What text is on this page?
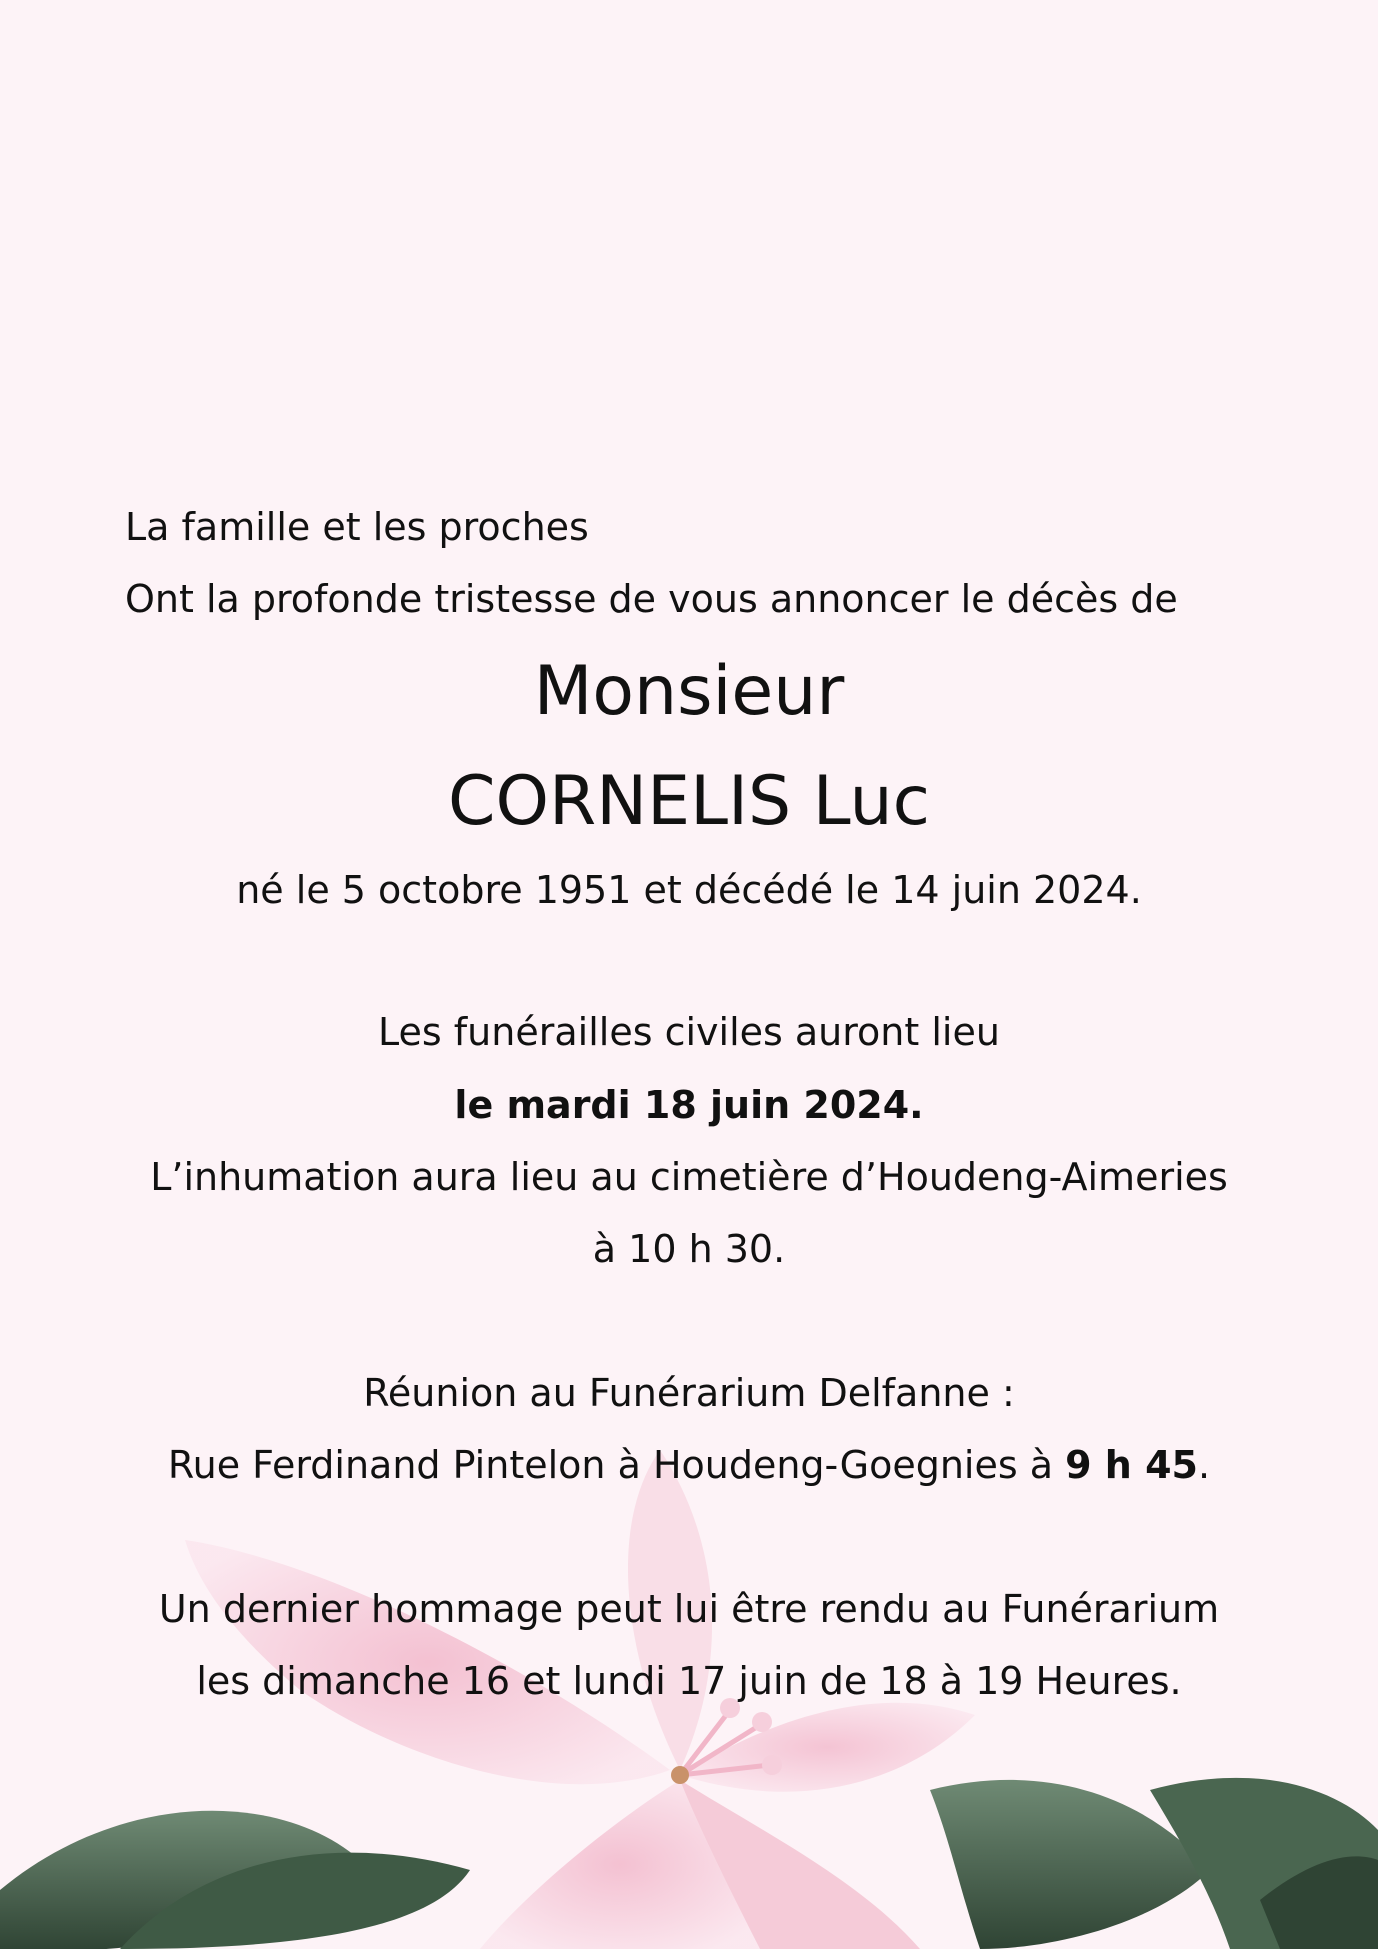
La famille et les proches
Ont la profonde tristesse de vous annoncer le décès de
Monsieur
CORNELIS Luc
né le 5 octobre 1951 et décédé le 14 juin 2024.
Les funérailles civiles auront lieu
le mardi 18 juin 2024.
L’inhumation aura lieu au cimetière d’Houdeng-Aimeries
à 10 h 30.
Réunion au Funérarium Delfanne :
Rue Ferdinand Pintelon à Houdeng-Goegnies à 9 h 45.
Un dernier hommage peut lui être rendu au Funérarium
les dimanche 16 et lundi 17 juin de 18 à 19 Heures.
